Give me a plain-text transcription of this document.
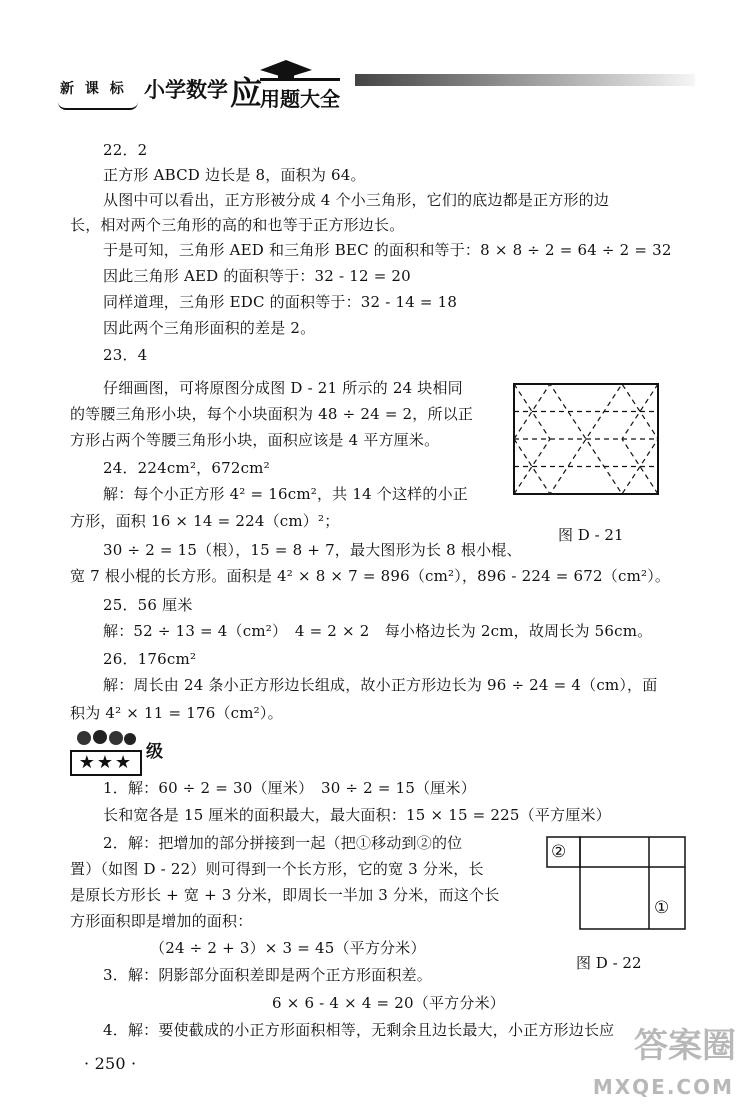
新 课 标 小学数学 应
用题大全
22．2
正方形 ABCD 边长是 8，面积为 64。
从图中可以看出，正方形被分成 4 个小三角形，它们的底边都是正方形的边
长，相对两个三角形的高的和也等于正方形边长。
于是可知，三角形 AED 和三角形 BEC 的面积和等于：8 × 8 ÷ 2 = 64 ÷ 2 = 32
因此三角形 AED 的面积等于：32 - 12 = 20
同样道理，三角形 EDC 的面积等于：32 - 14 = 18
因此两个三角形面积的差是 2。
23．4
仔细画图，可将原图分成图 D - 21 所示的 24 块相同
的等腰三角形小块，每个小块面积为 48 ÷ 24 = 2，所以正
方形占两个等腰三角形小块，面积应该是 4 平方厘米。
24．224cm²，672cm²
解：每个小正方形 4² = 16cm²，共 14 个这样的小正
方形，面积 16 × 14 = 224（cm）²；
30 ÷ 2 = 15（根），15 = 8 + 7，最大图形为长 8 根小棍、
宽 7 根小棍的长方形。面积是 4² × 8 × 7 = 896（cm²），896 - 224 = 672（cm²）。
25．56 厘米
解：52 ÷ 13 = 4（cm²）　4 = 2 × 2　每小格边长为 2cm，故周长为 56cm。
26．176cm²
解：周长由 24 条小正方形边长组成，故小正方形边长为 96 ÷ 24 = 4（cm），面
积为 4² × 11 = 176（cm²）。
图 D - 21
★★★ 级
1．解：60 ÷ 2 = 30（厘米）　30 ÷ 2 = 15（厘米）
长和宽各是 15 厘米的面积最大，最大面积：15 × 15 = 225（平方厘米）
2．解：把增加的部分拼接到一起（把①移动到②的位
置）（如图 D - 22）则可得到一个长方形，它的宽 3 分米，长
是原长方形长 + 宽 + 3 分米，即周长一半加 3 分米，而这个长
方形面积即是增加的面积：
（24 ÷ 2 + 3）× 3 = 45（平方分米）
3．解：阴影部分面积差即是两个正方形面积差。
6 × 6 - 4 × 4 = 20（平方分米）
4．解：要使截成的小正方形面积相等，无剩余且边长最大，小正方形边长应
②
①
图 D - 22
· 250 ·	答案圈
MXQE.COM
